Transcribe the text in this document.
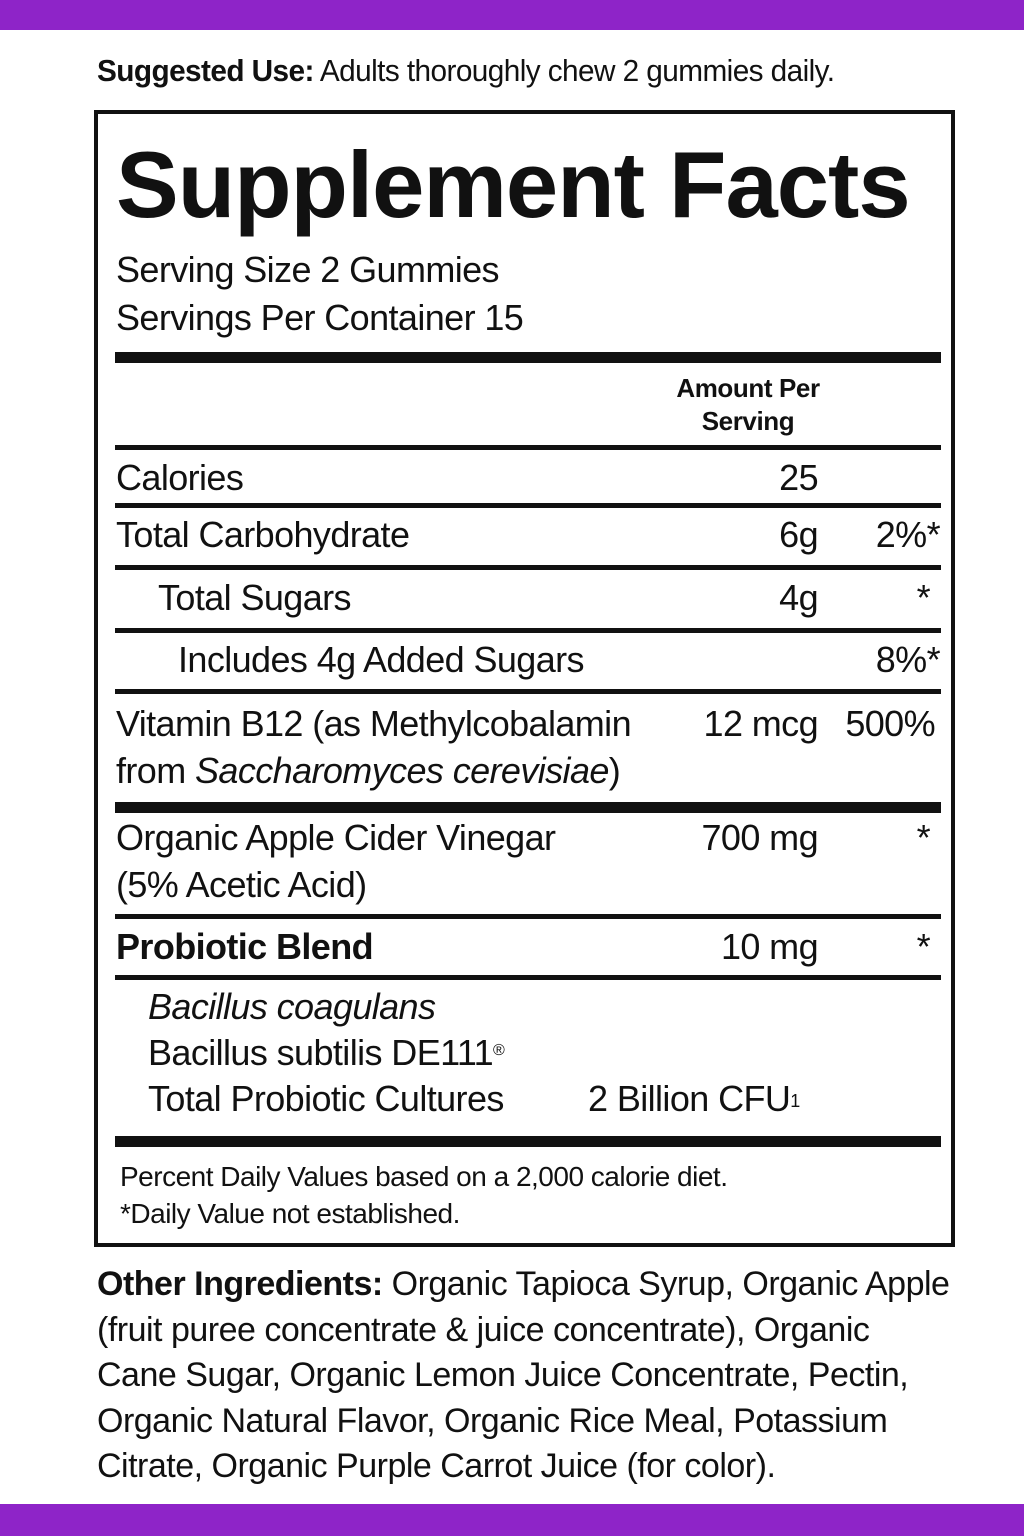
Suggested Use: Adults thoroughly chew 2 gummies daily.
Supplement Facts
Serving Size 2 Gummies
Servings Per Container 15
Amount Per
Serving
Calories	25
Total Carbohydrate	6g	2%*
Total Sugars	4g	*
Includes 4g Added Sugars	8%*
Vitamin B12 (as Methylcobalamin
from Saccharomyces cerevisiae)
12 mcg 500%
Organic Apple Cider Vinegar
(5% Acetic Acid)
700 mg	*
Probiotic Blend	10 mg	*
Bacillus coagulans
Bacillus subtilis DE111®
Total Probiotic Cultures 2 Billion CFU$^1$
Percent Daily Values based on a 2,000 calorie diet.
*Daily Value not established.
Other Ingredients: Organic Tapioca Syrup, Organic Apple (fruit puree concentrate & juice concentrate), Organic Cane Sugar, Organic Lemon Juice Concentrate, Pectin, Organic Natural Flavor, Organic Rice Meal, Potassium Citrate, Organic Purple Carrot Juice (for color).
